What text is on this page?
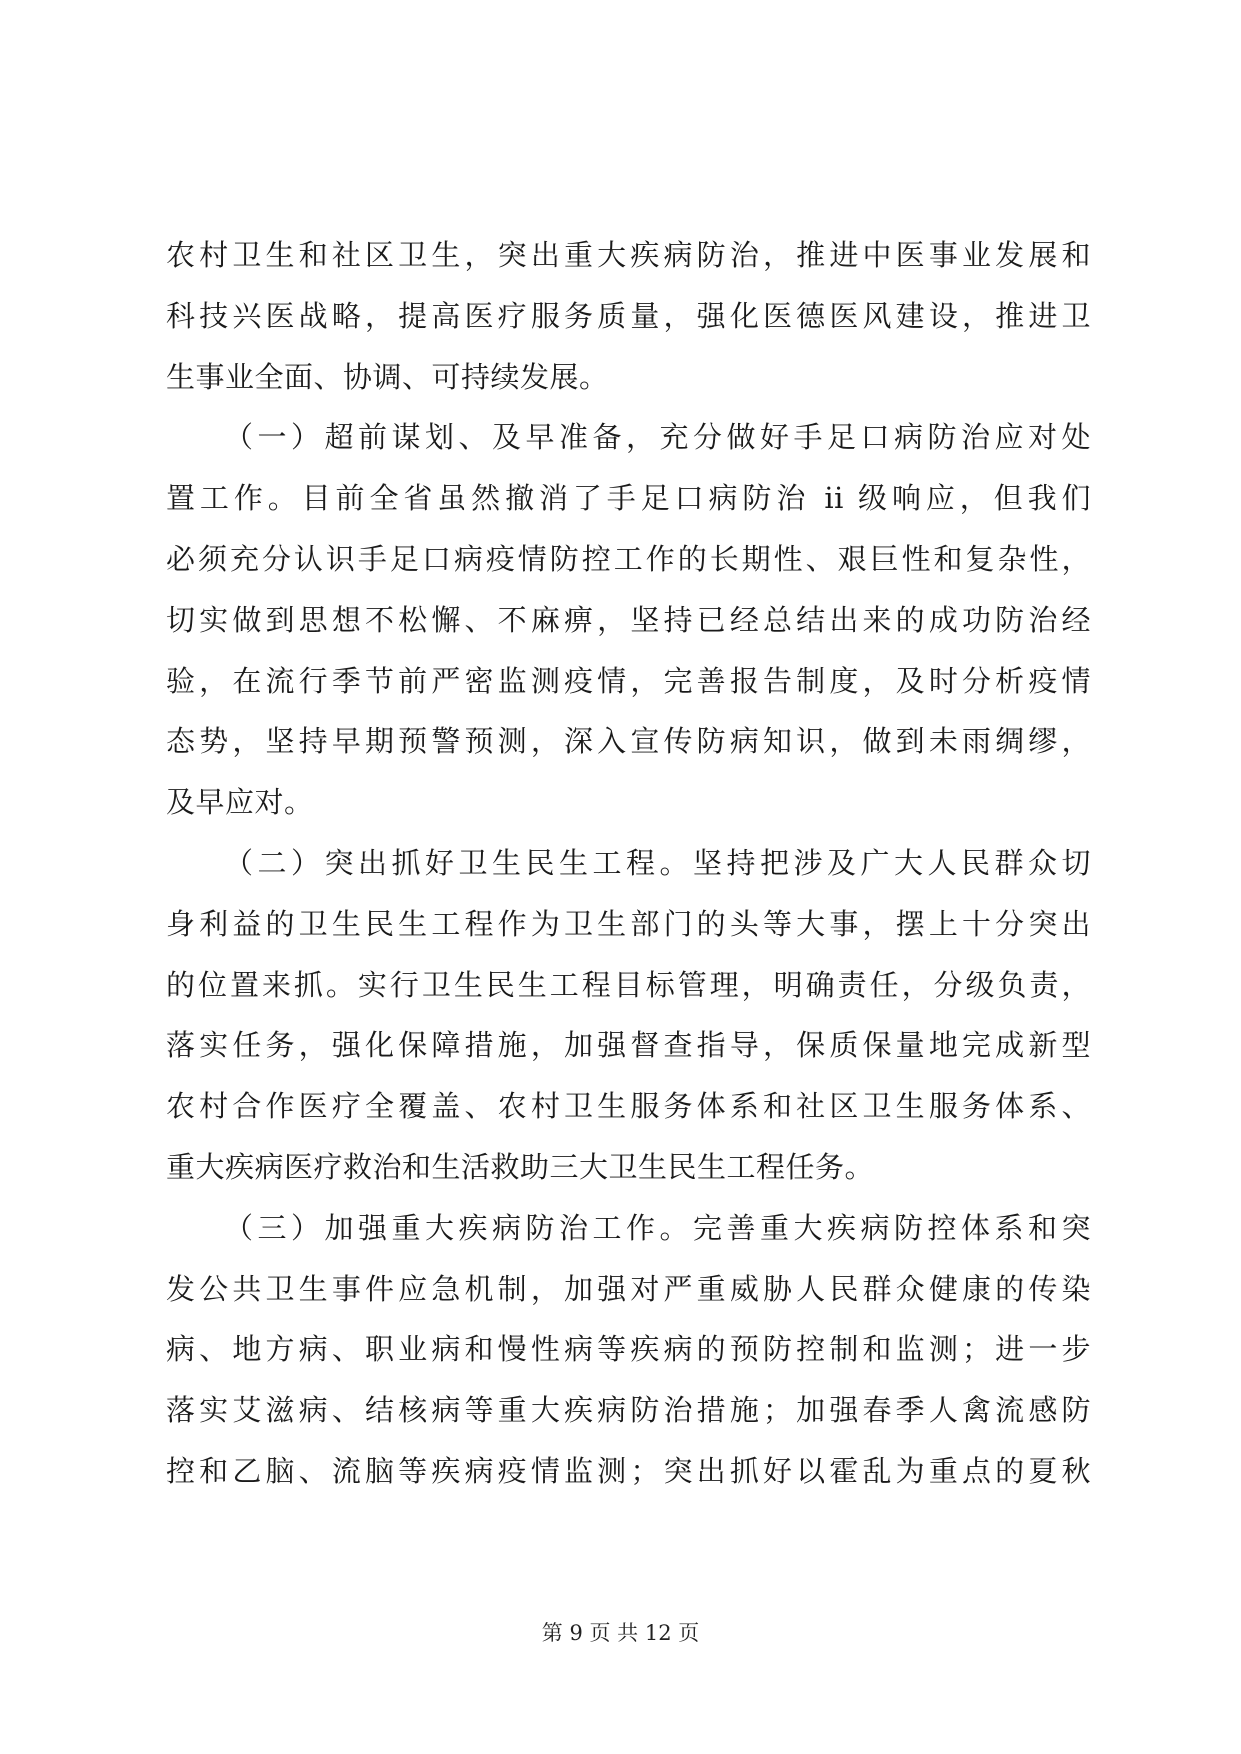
农村卫生和社区卫生，突出重大疾病防治，推进中医事业发展和
科技兴医战略，提高医疗服务质量，强化医德医风建设，推进卫
生事业全面、协调、可持续发展。
（一）超前谋划、及早准备，充分做好手足口病防治应对处
置工作。目前全省虽然撤消了手足口病防治 ii 级响应，但我们
必须充分认识手足口病疫情防控工作的长期性、艰巨性和复杂性，
切实做到思想不松懈、不麻痹，坚持已经总结出来的成功防治经
验，在流行季节前严密监测疫情，完善报告制度，及时分析疫情
态势，坚持早期预警预测，深入宣传防病知识，做到未雨绸缪，
及早应对。
（二）突出抓好卫生民生工程。坚持把涉及广大人民群众切
身利益的卫生民生工程作为卫生部门的头等大事，摆上十分突出
的位置来抓。实行卫生民生工程目标管理，明确责任，分级负责，
落实任务，强化保障措施，加强督查指导，保质保量地完成新型
农村合作医疗全覆盖、农村卫生服务体系和社区卫生服务体系、
重大疾病医疗救治和生活救助三大卫生民生工程任务。
（三）加强重大疾病防治工作。完善重大疾病防控体系和突
发公共卫生事件应急机制，加强对严重威胁人民群众健康的传染
病、地方病、职业病和慢性病等疾病的预防控制和监测；进一步
落实艾滋病、结核病等重大疾病防治措施；加强春季人禽流感防
控和乙脑、流脑等疾病疫情监测；突出抓好以霍乱为重点的夏秋
第 9 页 共 12 页
